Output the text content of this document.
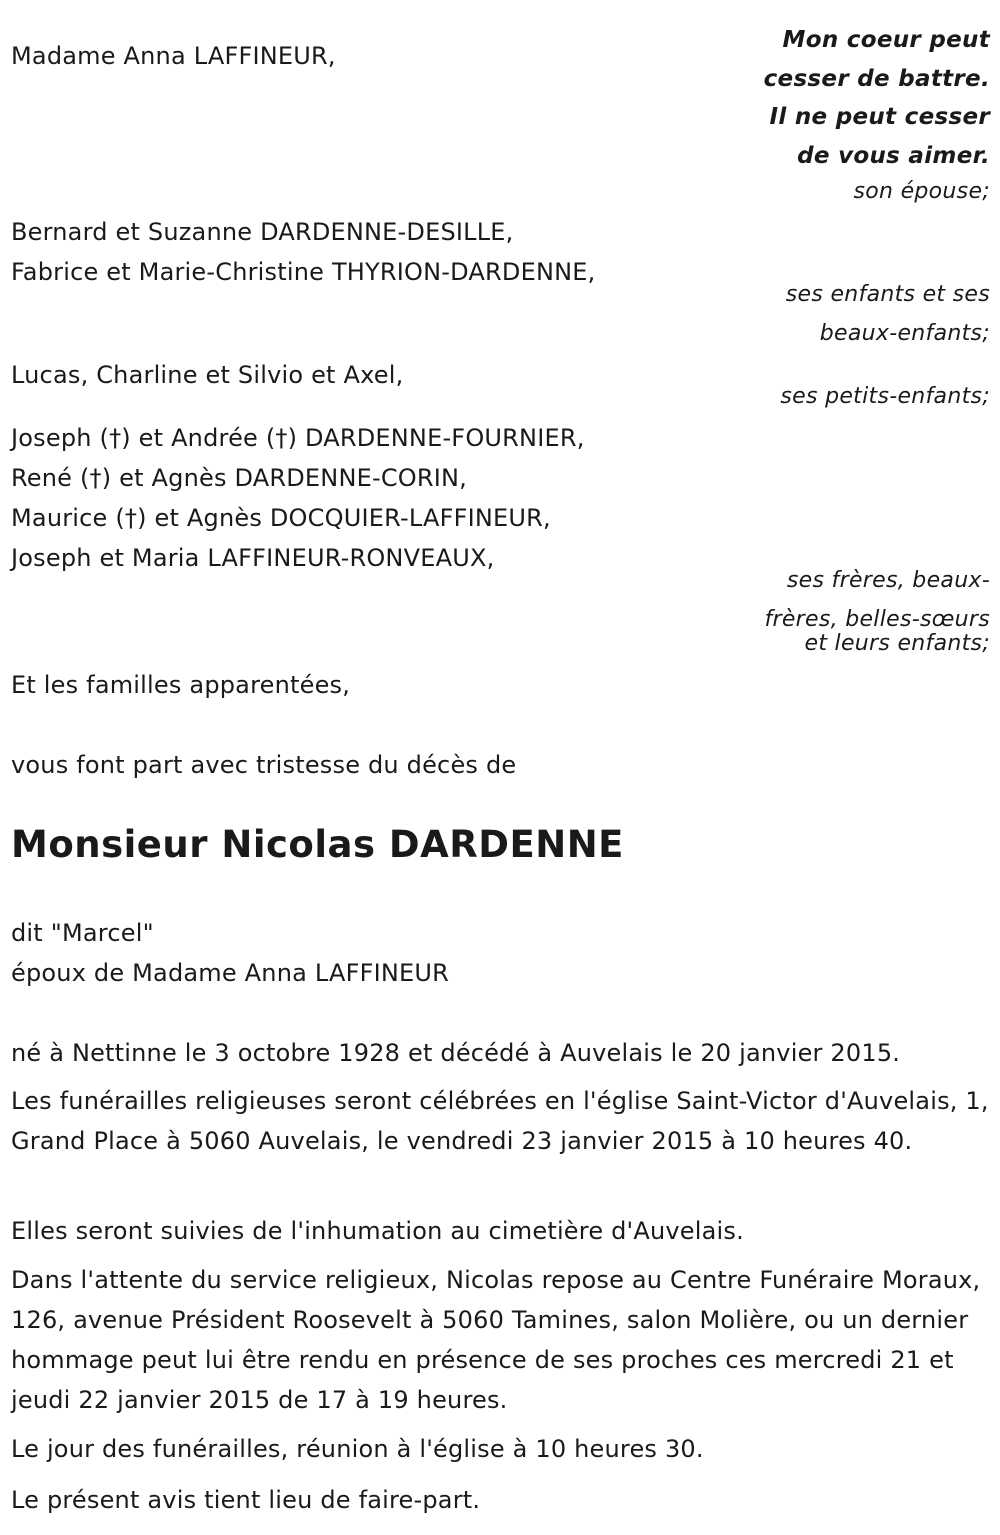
Mon coeur peut
cesser de battre.
Il ne peut cesser
de vous aimer.
Madame Anna LAFFINEUR,
son épouse;
Bernard et Suzanne DARDENNE-DESILLE,
Fabrice et Marie-Christine THYRION-DARDENNE,
ses enfants et ses
beaux-enfants;
Lucas, Charline et Silvio et Axel,
ses petits-enfants;
Joseph (†) et Andrée (†) DARDENNE-FOURNIER,
René (†) et Agnès DARDENNE-CORIN,
Maurice (†) et Agnès DOCQUIER-LAFFINEUR,
Joseph et Maria LAFFINEUR-RONVEAUX,
ses frères, beaux-
frères, belles-sœurs
et leurs enfants;
Et les familles apparentées,
vous font part avec tristesse du décès de
Monsieur Nicolas DARDENNE
dit "Marcel"
époux de Madame Anna LAFFINEUR
né à Nettinne le 3 octobre 1928 et décédé à Auvelais le 20 janvier 2015.
Les funérailles religieuses seront célébrées en l'église Saint-Victor d'Auvelais, 1, Grand Place à 5060 Auvelais, le vendredi 23 janvier 2015 à 10 heures 40.
Elles seront suivies de l'inhumation au cimetière d'Auvelais.
Dans l'attente du service religieux, Nicolas repose au Centre Funéraire Moraux, 126, avenue Président Roosevelt à 5060 Tamines, salon Molière, ou un dernier hommage peut lui être rendu en présence de ses proches ces mercredi 21 et jeudi 22 janvier 2015 de 17 à 19 heures.
Le jour des funérailles, réunion à l'église à 10 heures 30.
Le présent avis tient lieu de faire-part.
